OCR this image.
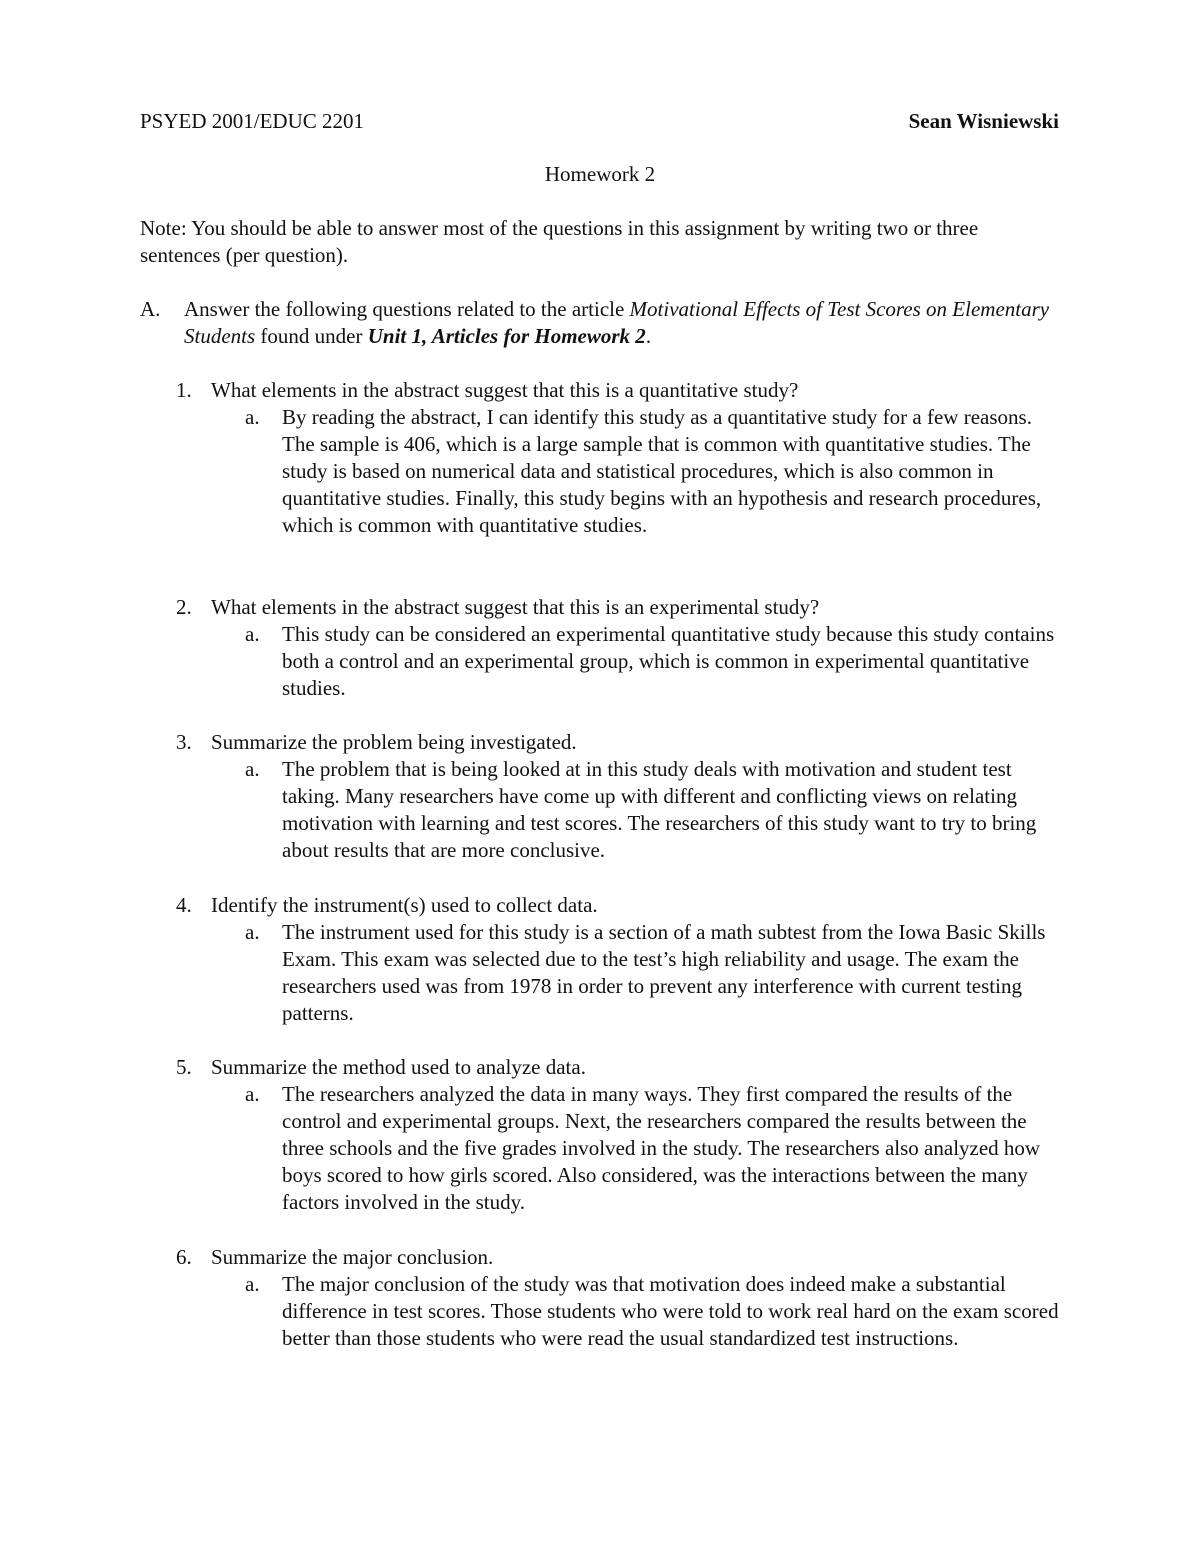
PSYED 2001/EDUC 2201	Sean Wisniewski
Homework 2
Note: You should be able to answer most of the questions in this assignment by writing two or three sentences (per question).
A. Answer the following questions related to the article Motivational Effects of Test Scores on Elementary Students found under Unit 1, Articles for Homework 2.
1. What elements in the abstract suggest that this is a quantitative study?
a. By reading the abstract, I can identify this study as a quantitative study for a few reasons. The sample is 406, which is a large sample that is common with quantitative studies. The study is based on numerical data and statistical procedures, which is also common in quantitative studies. Finally, this study begins with an hypothesis and research procedures, which is common with quantitative studies.
2. What elements in the abstract suggest that this is an experimental study?
a. This study can be considered an experimental quantitative study because this study contains both a control and an experimental group, which is common in experimental quantitative studies.
3. Summarize the problem being investigated.
a. The problem that is being looked at in this study deals with motivation and student test taking. Many researchers have come up with different and conflicting views on relating motivation with learning and test scores. The researchers of this study want to try to bring about results that are more conclusive.
4. Identify the instrument(s) used to collect data.
a. The instrument used for this study is a section of a math subtest from the Iowa Basic Skills Exam. This exam was selected due to the test’s high reliability and usage. The exam the researchers used was from 1978 in order to prevent any interference with current testing patterns.
5. Summarize the method used to analyze data.
a. The researchers analyzed the data in many ways. They first compared the results of the control and experimental groups. Next, the researchers compared the results between the three schools and the five grades involved in the study. The researchers also analyzed how boys scored to how girls scored. Also considered, was the interactions between the many factors involved in the study.
6. Summarize the major conclusion.
a. The major conclusion of the study was that motivation does indeed make a substantial difference in test scores. Those students who were told to work real hard on the exam scored better than those students who were read the usual standardized test instructions.
